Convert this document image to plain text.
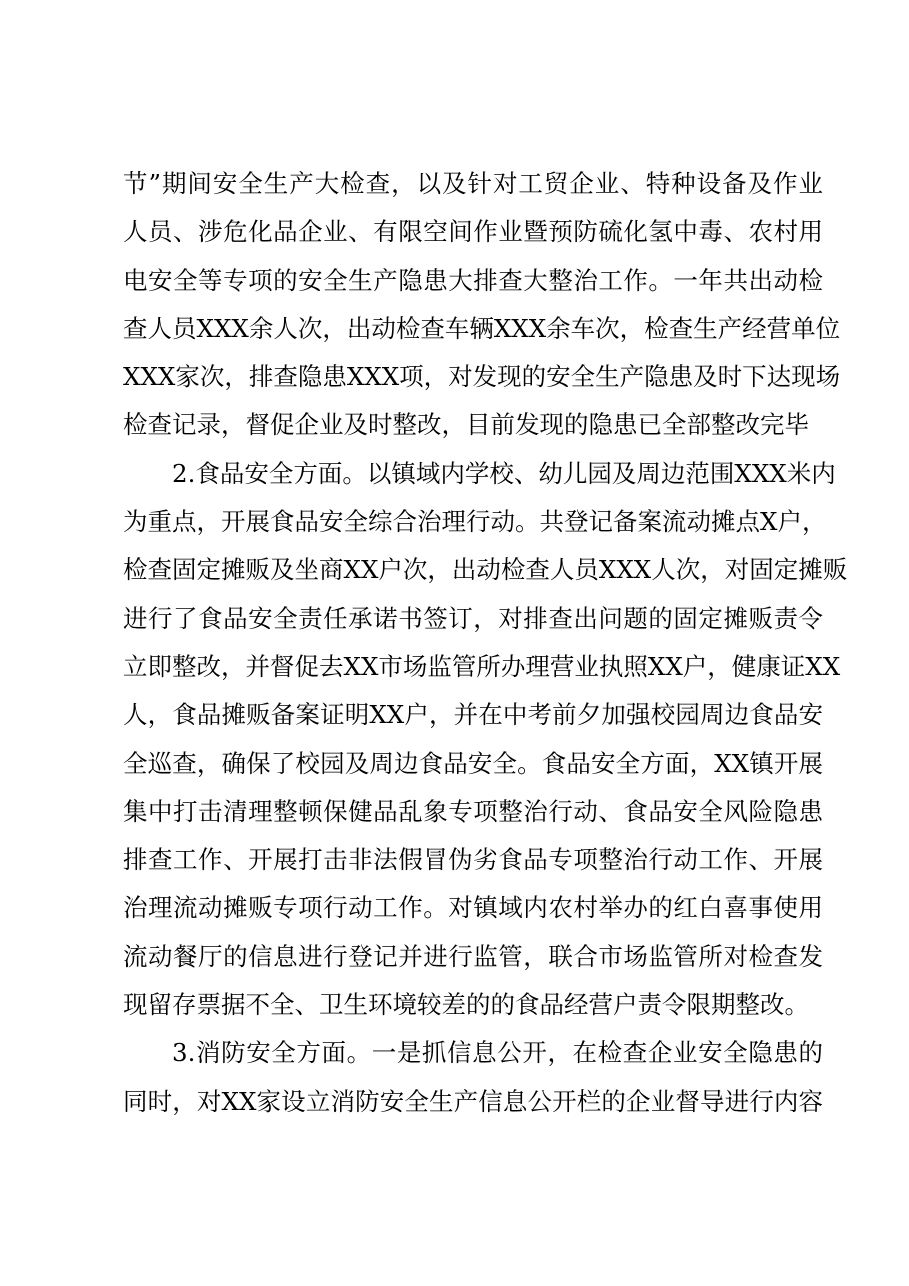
节”期间安全生产大检查，以及针对工贸企业、特种设备及作业
人员、涉危化品企业、有限空间作业暨预防硫化氢中毒、农村用
电安全等专项的安全生产隐患大排查大整治工作。一年共出动检
查人员XXX余人次，出动检查车辆XXX余车次，检查生产经营单位
XXX家次，排查隐患XXX项，对发现的安全生产隐患及时下达现场
检查记录，督促企业及时整改，目前发现的隐患已全部整改完毕
2.食品安全方面。以镇域内学校、幼儿园及周边范围XXX米内
为重点，开展食品安全综合治理行动。共登记备案流动摊点X户，
检查固定摊贩及坐商XX户次，出动检查人员XXX人次，对固定摊贩
进行了食品安全责任承诺书签订，对排查出问题的固定摊贩责令
立即整改，并督促去XX市场监管所办理营业执照XX户，健康证XX
人，食品摊贩备案证明XX户，并在中考前夕加强校园周边食品安
全巡查，确保了校园及周边食品安全。食品安全方面，XX镇开展
集中打击清理整顿保健品乱象专项整治行动、食品安全风险隐患
排查工作、开展打击非法假冒伪劣食品专项整治行动工作、开展
治理流动摊贩专项行动工作。对镇域内农村举办的红白喜事使用
流动餐厅的信息进行登记并进行监管，联合市场监管所对检查发
现留存票据不全、卫生环境较差的的食品经营户责令限期整改。
3.消防安全方面。一是抓信息公开，在检查企业安全隐患的
同时，对XX家设立消防安全生产信息公开栏的企业督导进行内容
